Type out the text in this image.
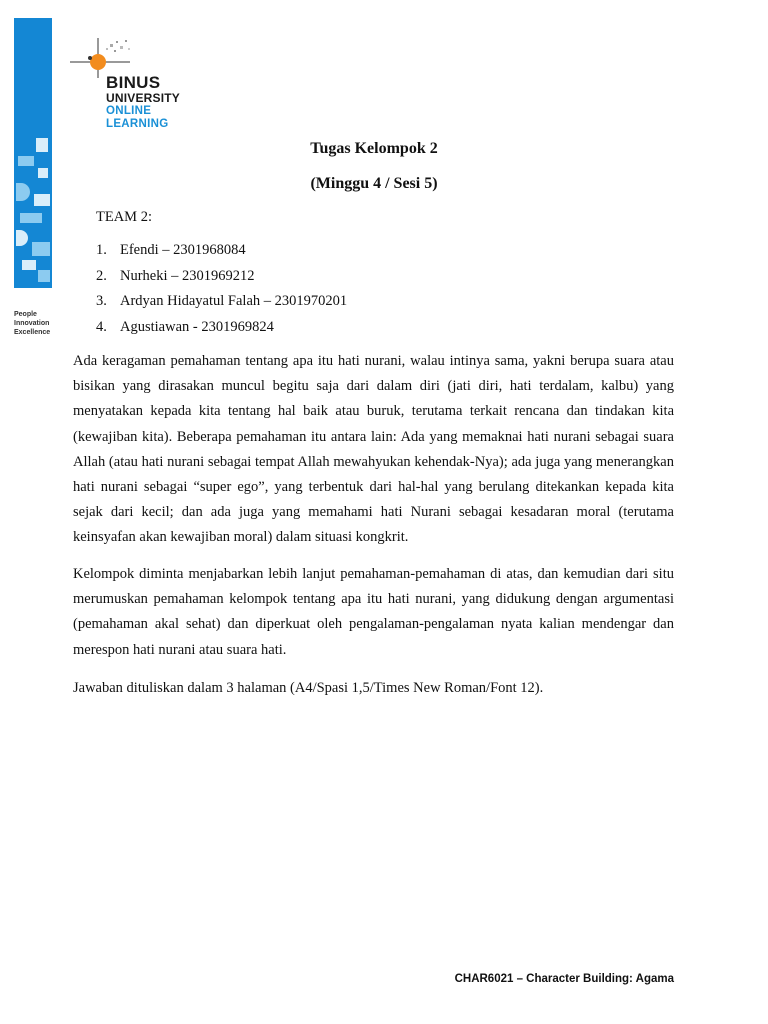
People
Innovation
Excellence
BINUS
UNIVERSITY
ONLINE
LEARNING
Tugas Kelompok 2
(Minggu 4 / Sesi 5)
TEAM 2:
1. Efendi – 2301968084
2. Nurheki – 2301969212
3. Ardyan Hidayatul Falah – 2301970201
4. Agustiawan - 2301969824

Ada keragaman pemahaman tentang apa itu hati nurani, walau intinya sama, yakni berupa suara atau bisikan yang dirasakan muncul begitu saja dari dalam diri (jati diri, hati terdalam, kalbu) yang menyatakan kepada kita tentang hal baik atau buruk, terutama terkait rencana dan tindakan kita (kewajiban kita). Beberapa pemahaman itu antara lain: Ada yang memaknai hati nurani sebagai suara Allah (atau hati nurani sebagai tempat Allah mewahyukan kehendak-Nya); ada juga yang menerangkan hati nurani sebagai “super ego”, yang terbentuk dari hal-hal yang berulang ditekankan kepada kita sejak dari kecil; dan ada juga yang memahami hati Nurani sebagai kesadaran moral (terutama keinsyafan akan kewajiban moral) dalam situasi kongkrit.

Kelompok diminta menjabarkan lebih lanjut pemahaman-pemahaman di atas, dan kemudian dari situ merumuskan pemahaman kelompok tentang apa itu hati nurani, yang didukung dengan argumentasi (pemahaman akal sehat) dan diperkuat oleh pengalaman-pengalaman nyata kalian mendengar dan merespon hati nurani atau suara hati.

Jawaban dituliskan dalam 3 halaman (A4/Spasi 1,5/Times New Roman/Font 12).

CHAR6021 – Character Building: Agama
